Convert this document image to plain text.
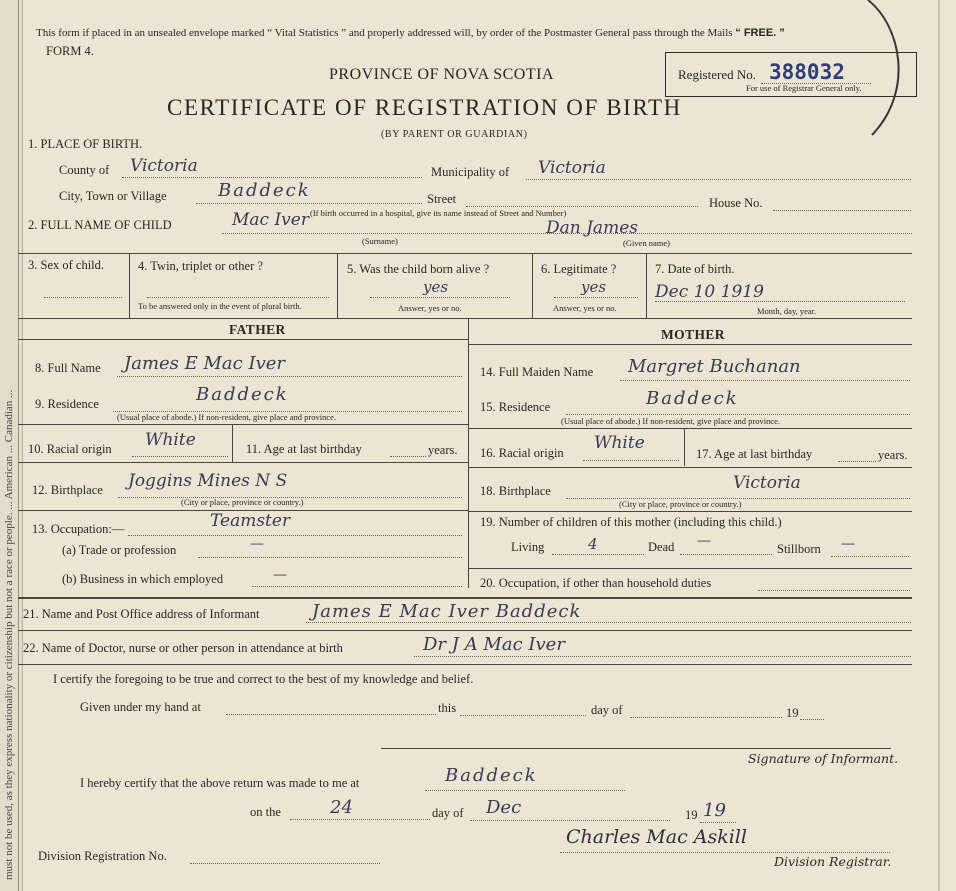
must not be used, as they express nationality or citizenship but not a race or people. ... American ... Canadian ...
This form if placed in an unsealed envelope marked “ Vital Statistics ” and properly addressed will, by order of the Postmaster General pass through the Mails “ FREE. ”
FORM 4.
PROVINCE OF NOVA SCOTIA
CERTIFICATE OF REGISTRATION OF BIRTH
(BY PARENT OR GUARDIAN)
Registered No. 388032
For use of Registrar General only.
1. PLACE OF BIRTH.
County of Victoria	Municipality of Victoria
City, Town or Village	Baddeck	Street
(If birth occurred in a hospital, give its name instead of Street and Number)
House No.
2. FULL NAME OF CHILD	Mac Iver	Dan James
(Surname)	(Given name)
3. Sex of child.	4. Twin, triplet or other ?
To be answered only in the event of plural birth.
5. Was the child born alive ?
yes
Answer, yes or no.
6. Legitimate ?
yes
Answer, yes or no.
7. Date of birth.
Dec 10 1919
Month, day, year.
FATHER	MOTHER
8. Full Name James E Mac Iver
9. Residence	Baddeck
(Usual place of abode.) If non-resident, give place and province.
10. Racial origin White	11. Age at last birthday	years.
12. Birthplace Joggins Mines N S
(City or place, province or country.)
13. Occupation:—	Teamster
(a) Trade or profession	—
(b) Business in which employed	—
14. Full Maiden Name Margret Buchanan
15. Residence	Baddeck
(Usual place of abode.) If non-resident, give place and province.
16. Racial origin White
17. Age at last birthday	years.
18. Birthplace	Victoria
(City or place, province or country.)
19. Number of children of this mother (including this child.)
Living	4	Dead —	Stillborn —
20. Occupation, if other than household duties
21. Name and Post Office address of Informant	James E Mac Iver Baddeck
22. Name of Doctor, nurse or other person in attendance at birth	Dr J A Mac Iver
I certify the foregoing to be true and correct to the best of my knowledge and belief.
Given under my hand at	this	day of	19
Signature of Informant.
I hereby certify that the above return was made to me at	Baddeck
on the	24	day of Dec	19 19
Charles Mac Askill
Division Registration No.	Division Registrar.
